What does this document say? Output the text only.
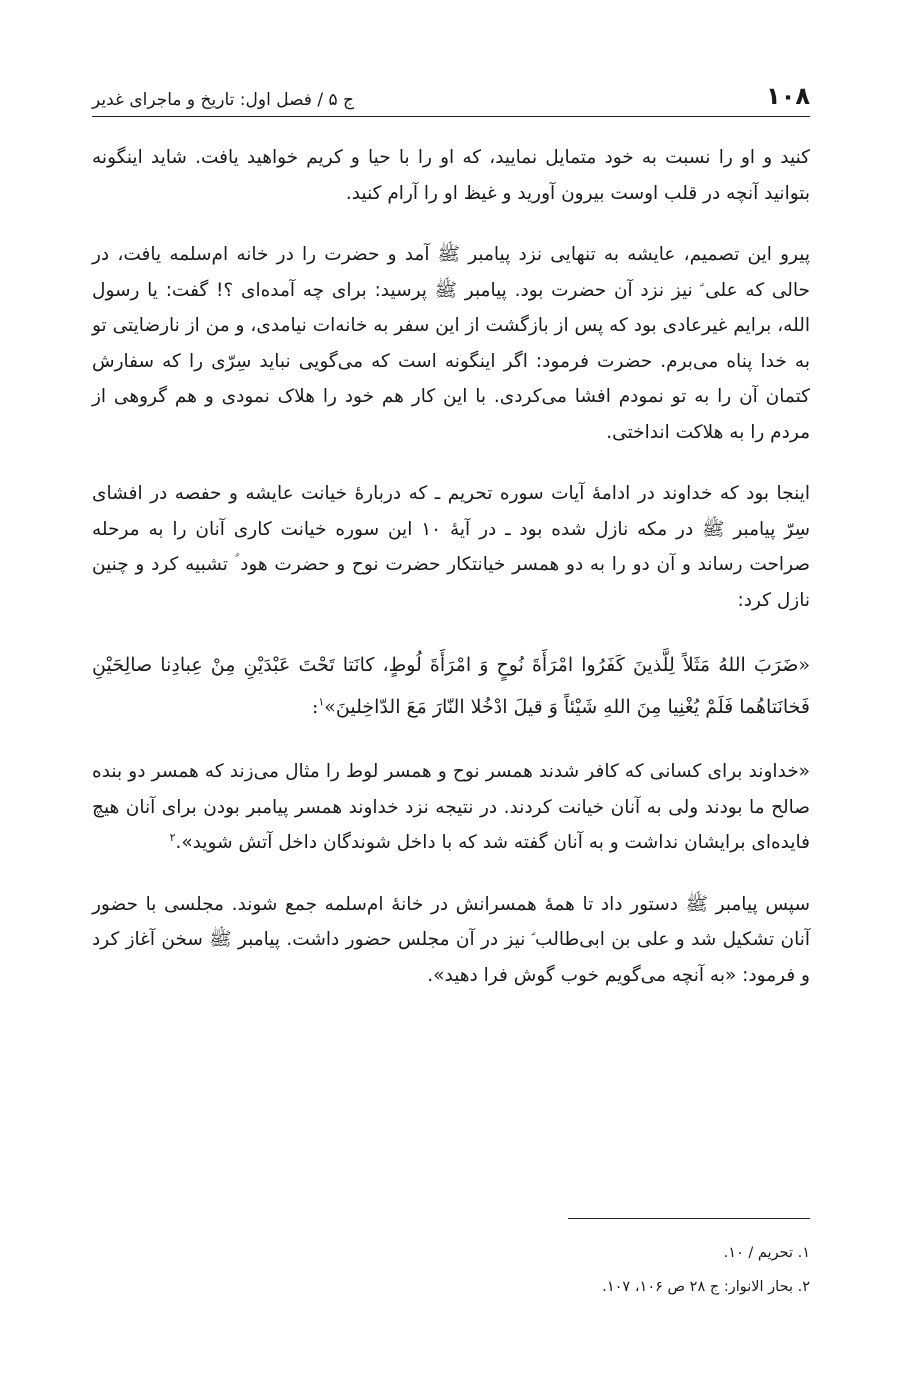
۱۰۸
ج ۵ / فصل اول: تاریخ و ماجرای غدیر

کنید و او را نسبت به خود متمایل نمایید، که او را با حیا و کریم خواهید یافت. شاید اینگونه بتوانید آنچه در قلب اوست بیرون آورید و غیظ او را آرام کنید.

پیرو این تصمیم، عایشه به تنهایی نزد پیامبر ﷺ آمد و حضرت را در خانه ام‌سلمه یافت، در حالی که علی ؑ نیز نزد آن حضرت بود. پیامبر ﷺ پرسید: برای چه آمده‌ای ؟! گفت: یا رسول الله، برایم غیرعادی بود که پس از بازگشت از این سفر به خانه‌ات نیامدی، و من از نارضایتی تو به خدا پناه می‌برم. حضرت فرمود: اگر اینگونه است که می‌گویی نباید سِرّی را که سفارش کتمان آن را به تو نمودم افشا می‌کردی. با این کار هم خود را هلاک نمودی و هم گروهی از مردم را به هلاکت انداختی.

اینجا بود که خداوند در ادامهٔ آیات سوره تحریم ـ که دربارهٔ خیانت عایشه و حفصه در افشای سِرّ پیامبر ﷺ در مکه نازل شده بود ـ در آیهٔ ۱۰ این سوره خیانت کاری آنان را به مرحله صراحت رساند و آن دو را به دو همسر خیانتکار حضرت نوح و حضرت هود ؑ تشبیه کرد و چنین نازل کرد:

«ضَرَبَ اللهُ مَثَلاً لِلَّذینَ کَفَرُوا امْرَأَةَ نُوحٍ وَ امْرَأَةَ لُوطٍ، کانَتا تَحْتَ عَبْدَیْنِ مِنْ عِبادِنا صالِحَیْنِ فَخانَتاهُما فَلَمْ یُغْنِیا مِنَ اللهِ شَیْئاً وَ قیلَ ادْخُلا النّارَ مَعَ الدّاخِلینَ»$^۱$:

«خداوند برای کسانی که کافر شدند همسر نوح و همسر لوط را مثال می‌زند که همسر دو بنده صالح ما بودند ولی به آنان خیانت کردند. در نتیجه نزد خداوند همسر پیامبر بودن برای آنان هیچ فایده‌ای برایشان نداشت و به آنان گفته شد که با داخل شوندگان داخل آتش شوید».$^۲$

سپس پیامبر ﷺ دستور داد تا همهٔ همسرانش در خانهٔ ام‌سلمه جمع شوند. مجلسی با حضور آنان تشکیل شد و علی بن ابی‌طالب ؑ نیز در آن مجلس حضور داشت. پیامبر ﷺ سخن آغاز کرد و فرمود: «به آنچه می‌گویم خوب گوش فرا دهید».

۱. تحریم / ۱۰.

۲. بحار الانوار: ج ۲۸ ص ۱۰۶، ۱۰۷.
